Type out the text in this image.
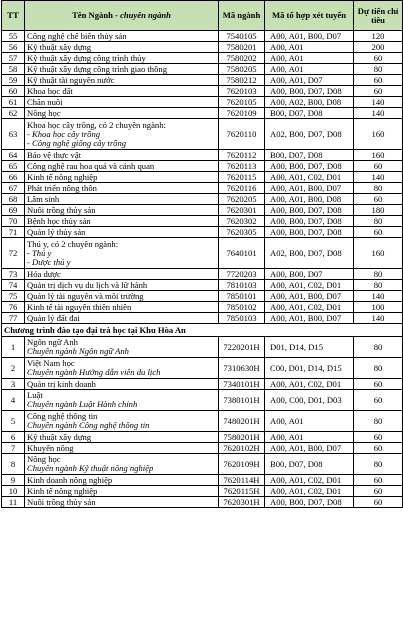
TT	Tên Ngành - chuyên ngành	Mã ngành	Mã tổ hợp xét tuyển	Dự tiến chỉ tiêu
55	Công nghệ chế biến thủy sản	7540105	A00, A01, B00, D07	120
56	Kỹ thuật xây dựng	7580201	A00, A01	200
57	Kỹ thuật xây dựng công trình thủy	7580202	A00, A01	60
58	Kỹ thuật xây dựng công trình giao thông	7580205	A00, A01	80
59	Kỹ thuật tài nguyên nước	7580212	A00, A01, D07	60
60	Khoa học đất	7620103	A00, B00, D07, D08	60
61	Chăn nuôi	7620105	A00, A02, B00, D08	140
62	Nông học	7620109	B00, D07, D08	140
63	Khoa học cây trồng, có 2 chuyên ngành:
- Khoa học cây trồng
- Công nghệ giống cây trồng	7620110	A02, B00, D07, D08	160
64	Bảo vệ thực vật	7620112	B00, D07, D08	160
65	Công nghệ rau hoa quả và cảnh quan	7620113	A00, B00, D07, D08	60
66	Kinh tế nông nghiệp	7620115	A00, A01, C02, D01	140
67	Phát triển nông thôn	7620116	A00, A01, B00, D07	80
68	Lâm sinh	7620205	A00, A01, B00, D08	60
69	Nuôi trồng thủy sản	7620301	A00, B00, D07, D08	180
70	Bệnh học thủy sản	7620302	A00, B00, D07, D08	80
71	Quản lý thủy sản	7620305	A00, B00, D07, D08	60
72	Thú y, có 2 chuyên ngành:
- Thú y
- Dược thú y	7640101	A02, B00, D07, D08	160
73	Hóa dược	7720203	A00, B00, D07	80
74	Quản trị dịch vụ du lịch và lữ hành	7810103	A00, A01, C02, D01	80
75	Quản lý tài nguyên và môi trường	7850101	A00, A01, B00, D07	140
76	Kinh tế tài nguyên thiên nhiên	7850102	A00, A01, C02, D01	100
77	Quản lý đất đai	7850103	A00, A01, B00, D07	140
Chương trình đào tạo đại trà học tại Khu Hòa An				
1	Ngôn ngữ Anh
Chuyên ngành Ngôn ngữ Anh	7220201H	D01, D14, D15	80
2	Việt Nam học
Chuyên ngành Hướng dẫn viên du lịch	7310630H	C00, D01, D14, D15	80
3	Quản trị kinh doanh	7340101H	A00, A01, C02, D01	60
4	Luật
Chuyên ngành Luật Hành chính	7380101H	A00, C00, D01, D03	60
5	Công nghệ thông tin
Chuyên ngành Công nghệ thông tin	7480201H	A00, A01	80
6	Kỹ thuật xây dựng	7580201H	A00, A01	60
7	Khuyến nông	7620102H	A00, A01, B00, D07	60
8	Nông học
Chuyên ngành Kỹ thuật nông nghiệp	7620109H	B00, D07, D08	80
9	Kinh doanh nông nghiệp	7620114H	A00, A01, C02, D01	60
10	Kinh tế nông nghiệp	7620115H	A00, A01, C02, D01	60
11	Nuôi trồng thủy sản	7620301H	A00, B00, D07, D08	60
